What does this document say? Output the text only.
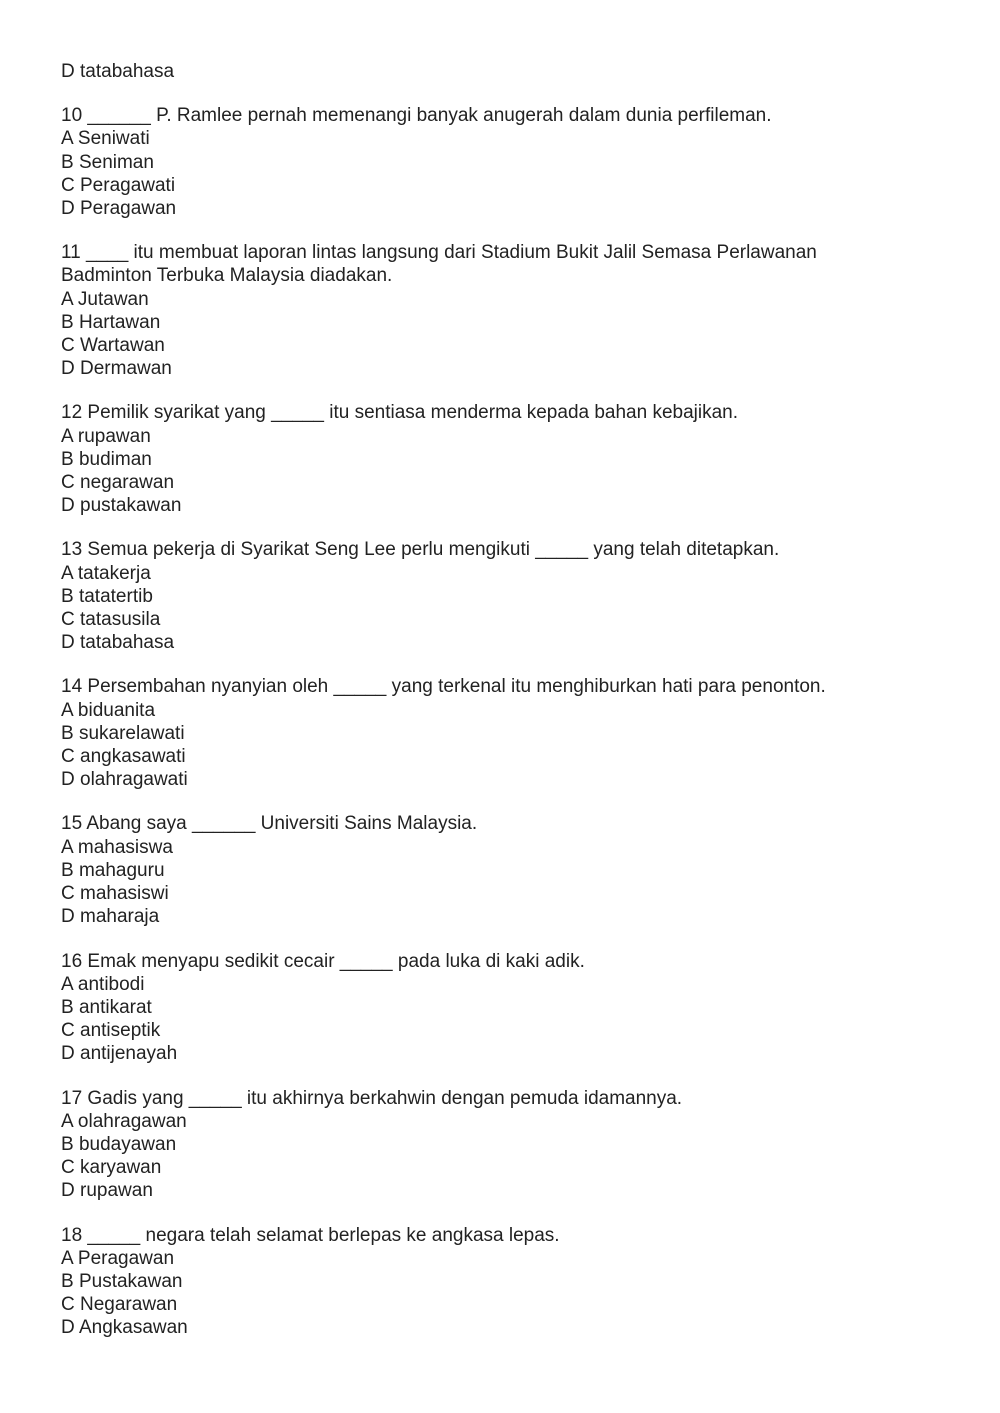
D tatabahasa
10 ______ P. Ramlee pernah memenangi banyak anugerah dalam dunia perfileman.
A Seniwati
B Seniman
C Peragawati
D Peragawan
11 ____ itu membuat laporan lintas langsung dari Stadium Bukit Jalil Semasa Perlawanan
Badminton Terbuka Malaysia diadakan.
A Jutawan
B Hartawan
C Wartawan
D Dermawan
12 Pemilik syarikat yang _____ itu sentiasa menderma kepada bahan kebajikan.
A rupawan
B budiman
C negarawan
D pustakawan
13 Semua pekerja di Syarikat Seng Lee perlu mengikuti _____ yang telah ditetapkan.
A tatakerja
B tatatertib
C tatasusila
D tatabahasa
14 Persembahan nyanyian oleh _____ yang terkenal itu menghiburkan hati para penonton.
A biduanita
B sukarelawati
C angkasawati
D olahragawati
15 Abang saya ______ Universiti Sains Malaysia.
A mahasiswa
B mahaguru
C mahasiswi
D maharaja
16 Emak menyapu sedikit cecair _____ pada luka di kaki adik.
A antibodi
B antikarat
C antiseptik
D antijenayah
17 Gadis yang _____ itu akhirnya berkahwin dengan pemuda idamannya.
A olahragawan
B budayawan
C karyawan
D rupawan
18 _____ negara telah selamat berlepas ke angkasa lepas.
A Peragawan
B Pustakawan
C Negarawan
D Angkasawan
